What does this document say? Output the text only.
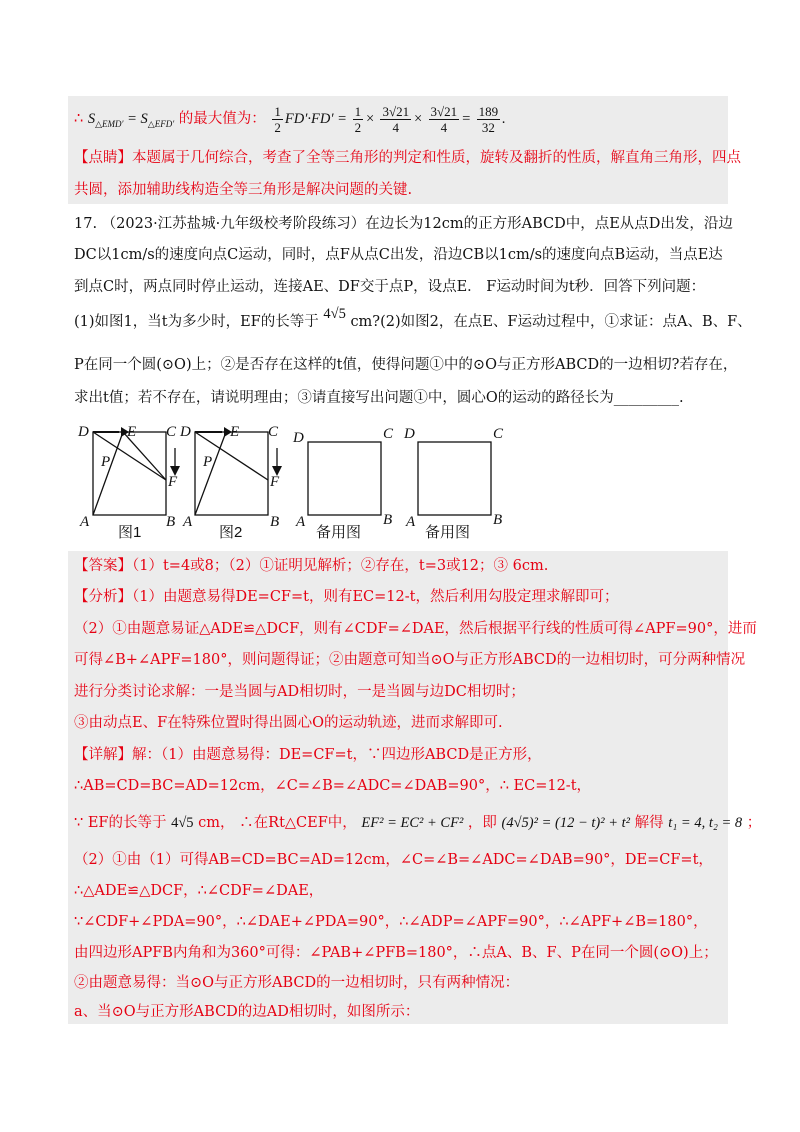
∴ $S_{\triangle EMD'} = S_{\triangle EFD'}$ 的最大值为： $\frac{1}{2} FD'\cdot FD' = \frac{1}{2} \times \frac{3√21}{4} \times \frac{3√21}{4} = \frac{189}{32}$ .
【点睛】本题属于几何综合，考查了全等三角形的判定和性质，旋转及翻折的性质，解直角三角形，四点
共圆，添加辅助线构造全等三角形是解决问题的关键.
17. （2023·江苏盐城·九年级校考阶段练习）在边长为12cm的正方形ABCD中，点E从点D出发，沿边
DC以1cm/s的速度向点C运动，同时，点F从点C出发，沿边CB以1cm/s的速度向点B运动，当点E达
到点C时，两点同时停止运动，连接AE、DF交于点P，设点E． F运动时间为t秒．回答下列问题：
(1)如图1，当t为多少时，EF的长等于 4√5 cm?(2)如图2，在点E、F运动过程中，①求证：点A、B、F、
P在同一个圆(⊙O)上；②是否存在这样的t值，使得问题①中的⊙O与正方形ABCD的一边相切?若存在，
求出t值；若不存在，请说明理由；③请直接写出问题①中，圆心O的运动的路径长为_________.
D	E C
P
F
A	B
D	E C
P
F
A	B
D	C
A	B
D	C
A	B
图1	图2	备用图	备用图
【答案】（1）t=4或8；（2）①证明见解析；②存在，t=3或12；③ 6cm.
【分析】（1）由题意易得DE=CF=t，则有EC=12-t，然后利用勾股定理求解即可；
（2）①由题意易证△ADE≌△DCF，则有∠CDF=∠DAE，然后根据平行线的性质可得∠APF=90°，进而
可得∠B+∠APF=180°，则问题得证；②由题意可知当⊙O与正方形ABCD的一边相切时，可分两种情况
进行分类讨论求解：一是当圆与AD相切时，一是当圆与边DC相切时；
③由动点E、F在特殊位置时得出圆心O的运动轨迹，进而求解即可.
【详解】解：（1）由题意易得：DE=CF=t，∵四边形ABCD是正方形，
∴AB=CD=BC=AD=12cm，∠C=∠B=∠ADC=∠DAB=90°，∴ EC=12-t，
∵ EF的长等于 4√5 cm， ∴在Rt△CEF中， EF² = EC² + CF² ，即 (4√5)² = (12 − t)² + t² 解得 t₁ = 4, t₂ = 8 ；
（2）①由（1）可得AB=CD=BC=AD=12cm，∠C=∠B=∠ADC=∠DAB=90°，DE=CF=t，
∴△ADE≌△DCF，∴∠CDF=∠DAE，
∵∠CDF+∠PDA=90°，∴∠DAE+∠PDA=90°，∴∠ADP=∠APF=90°，∴∠APF+∠B=180°，
由四边形APFB内角和为360°可得：∠PAB+∠PFB=180°，∴点A、B、F、P在同一个圆(⊙O)上；
②由题意易得：当⊙O与正方形ABCD的一边相切时，只有两种情况：
a、当⊙O与正方形ABCD的边AD相切时，如图所示：
